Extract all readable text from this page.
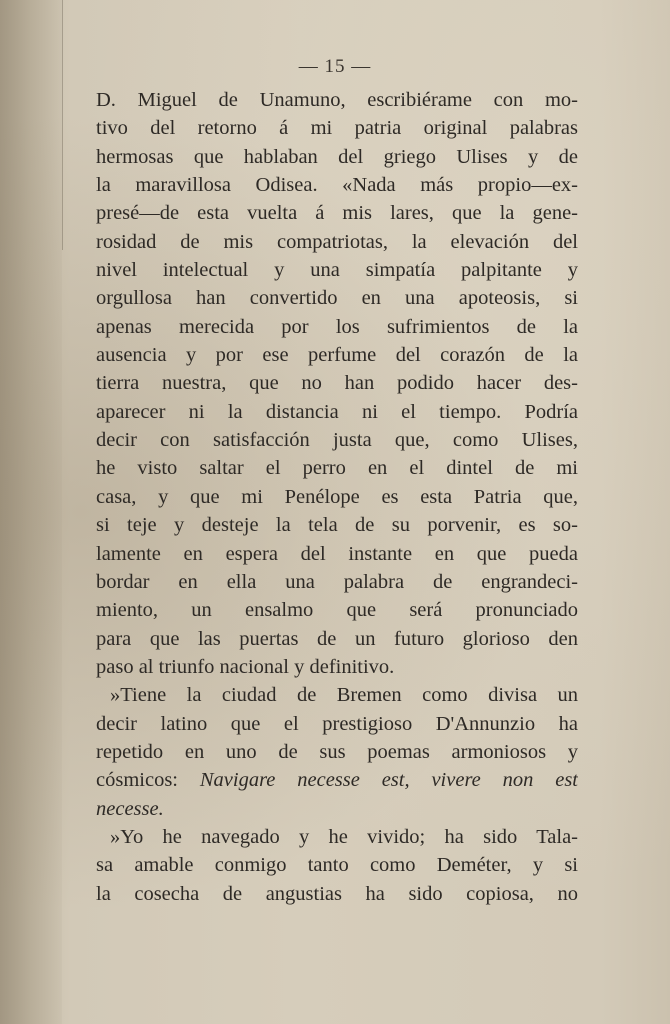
— 15 —
D. Miguel de Unamuno, escribiérame con mo-
tivo del retorno á mi patria original palabras
hermosas que hablaban del griego Ulises y de
la maravillosa Odisea. «Nada más propio—ex-
presé—de esta vuelta á mis lares, que la gene-
rosidad de mis compatriotas, la elevación del
nivel intelectual y una simpatía palpitante y
orgullosa han convertido en una apoteosis, si
apenas merecida por los sufrimientos de la
ausencia y por ese perfume del corazón de la
tierra nuestra, que no han podido hacer des-
aparecer ni la distancia ni el tiempo. Podría
decir con satisfacción justa que, como Ulises,
he visto saltar el perro en el dintel de mi
casa, y que mi Penélope es esta Patria que,
si teje y desteje la tela de su porvenir, es so-
lamente en espera del instante en que pueda
bordar en ella una palabra de engrandeci-
miento, un ensalmo que será pronunciado
para que las puertas de un futuro glorioso den
paso al triunfo nacional y definitivo.
»Tiene la ciudad de Bremen como divisa un
decir latino que el prestigioso D'Annunzio ha
repetido en uno de sus poemas armoniosos y
cósmicos: Navigare necesse est, vivere non est
necesse.
»Yo he navegado y he vivido; ha sido Tala-
sa amable conmigo tanto como Deméter, y si
la cosecha de angustias ha sido copiosa, no
